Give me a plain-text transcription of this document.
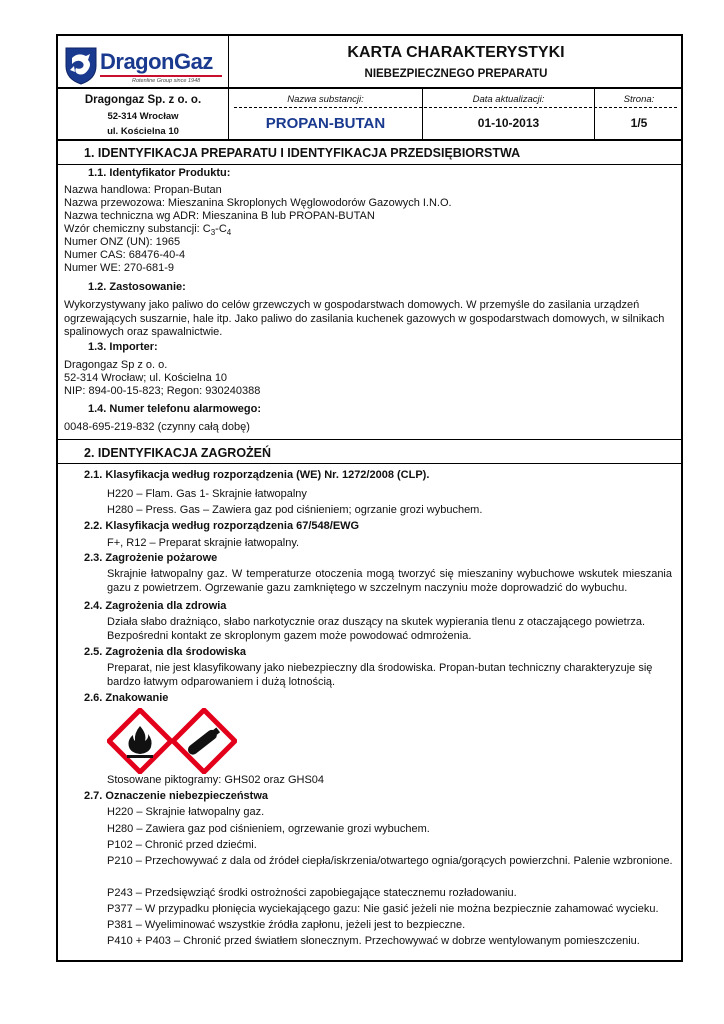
DragonGaz
Rotenline Group since 1948
KARTA CHARAKTERYSTYKI
NIEBEZPIECZNEGO PREPARATU
Dragongaz Sp. z o. o.
52-314 Wrocław
ul. Kościelna 10
Nazwa substancji:	Data aktualizacji:	Strona:
PROPAN-BUTAN	01-10-2013	1/5
1. IDENTYFIKACJA PREPARATU I IDENTYFIKACJA PRZEDSIĘBIORSTWA
1.1. Identyfikator Produktu:
Nazwa handlowa: Propan-Butan
Nazwa przewozowa: Mieszanina Skroplonych Węglowodorów Gazowych I.N.O.
Nazwa techniczna wg ADR: Mieszanina B lub PROPAN-BUTAN
Wzór chemiczny substancji: $C_3-C_4$
Numer ONZ (UN): 1965
Numer CAS: 68476-40-4
Numer WE: 270-681-9
1.2. Zastosowanie:
Wykorzystywany jako paliwo do celów grzewczych w gospodarstwach domowych. W przemyśle do zasilania urządzeń ogrzewających suszarnie, hale itp. Jako paliwo do zasilania kuchenek gazowych w gospodarstwach domowych, w silnikach spalinowych oraz spawalnictwie.
1.3. Importer:
Dragongaz Sp z o. o.
52-314 Wrocław; ul. Kościelna 10
NIP: 894-00-15-823; Regon: 930240388
1.4. Numer telefonu alarmowego:
0048-695-219-832 (czynny całą dobę)
2. IDENTYFIKACJA ZAGROŻEŃ
2.1. Klasyfikacja według rozporządzenia (WE) Nr. 1272/2008 (CLP).
H220 – Flam. Gas 1- Skrajnie łatwopalny
H280 – Press. Gas – Zawiera gaz pod ciśnieniem; ogrzanie grozi wybuchem.
2.2. Klasyfikacja według rozporządzenia 67/548/EWG
F+, R12 – Preparat skrajnie łatwopalny.
2.3. Zagrożenie pożarowe
Skrajnie łatwopalny gaz. W temperaturze otoczenia mogą tworzyć się mieszaniny wybuchowe wskutek mieszania gazu z powietrzem. Ogrzewanie gazu zamkniętego w szczelnym naczyniu może doprowadzić do wybuchu.
2.4. Zagrożenia dla zdrowia
Działa słabo drażniąco, słabo narkotycznie oraz duszący na skutek wypierania tlenu z otaczającego powietrza. Bezpośredni kontakt ze skroplonym gazem może powodować odmrożenia.
2.5. Zagrożenia dla środowiska
Preparat, nie jest klasyfikowany jako niebezpieczny dla środowiska. Propan-butan techniczny charakteryzuje się bardzo łatwym odparowaniem i dużą lotnością.
2.6. Znakowanie
Stosowane piktogramy: GHS02 oraz GHS04
2.7. Oznaczenie niebezpieczeństwa
H220 – Skrajnie łatwopalny gaz.
H280 – Zawiera gaz pod ciśnieniem, ogrzewanie grozi wybuchem.
P102 – Chronić przed dziećmi.
P210 – Przechowywać z dala od źródeł ciepła/iskrzenia/otwartego ognia/gorących powierzchni. Palenie wzbronione.
P243 – Przedsięwziąć środki ostrożności zapobiegające statecznemu rozładowaniu.
P377 – W przypadku płonięcia wyciekającego gazu: Nie gasić jeżeli nie można bezpiecznie zahamować wycieku.
P381 – Wyeliminować wszystkie źródła zapłonu, jeżeli jest to bezpieczne.
P410 + P403 – Chronić przed światłem słonecznym. Przechowywać w dobrze wentylowanym pomieszczeniu.
